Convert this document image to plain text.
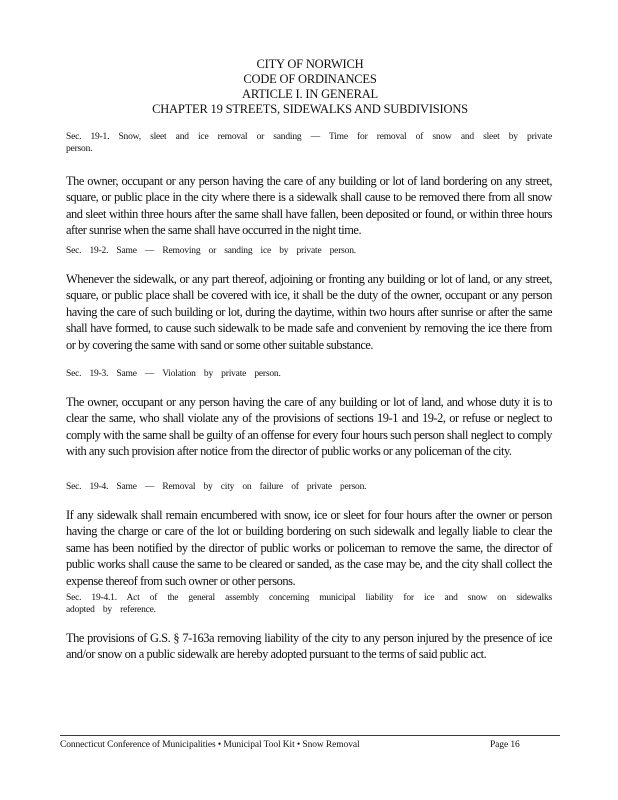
CITY OF NORWICH
CODE OF ORDINANCES
ARTICLE I. IN GENERAL
CHAPTER 19 STREETS, SIDEWALKS AND SUBDIVISIONS
Sec. 19-1. Snow, sleet and ice removal or sanding — Time for removal of snow and sleet by private person.
The owner, occupant or any person having the care of any building or lot of land bordering on any street, square, or public place in the city where there is a sidewalk shall cause to be removed there from all snow and sleet within three hours after the same shall have fallen, been deposited or found, or within three hours after sunrise when the same shall have occurred in the night time.
Sec. 19-2. Same — Removing or sanding ice by private person.
Whenever the sidewalk, or any part thereof, adjoining or fronting any building or lot of land, or any street, square, or public place shall be covered with ice, it shall be the duty of the owner, occupant or any person having the care of such building or lot, during the daytime, within two hours after sunrise or after the same shall have formed, to cause such sidewalk to be made safe and convenient by removing the ice there from or by covering the same with sand or some other suitable substance.
Sec. 19-3. Same — Violation by private person.
The owner, occupant or any person having the care of any building or lot of land, and whose duty it is to clear the same, who shall violate any of the provisions of sections 19-1 and 19-2, or refuse or neglect to comply with the same shall be guilty of an offense for every four hours such person shall neglect to comply with any such provision after notice from the director of public works or any policeman of the city.
Sec. 19-4. Same — Removal by city on failure of private person.
If any sidewalk shall remain encumbered with snow, ice or sleet for four hours after the owner or person having the charge or care of the lot or building bordering on such sidewalk and legally liable to clear the same has been notified by the director of public works or policeman to remove the same, the director of public works shall cause the same to be cleared or sanded, as the case may be, and the city shall collect the expense thereof from such owner or other persons.
Sec. 19-4.1. Act of the general assembly concerning municipal liability for ice and snow on sidewalks adopted by reference.
The provisions of G.S. § 7-163a removing liability of the city to any person injured by the presence of ice and/or snow on a public sidewalk are hereby adopted pursuant to the terms of said public act.
Connecticut Conference of Municipalities • Municipal Tool Kit • Snow Removal	Page 16
